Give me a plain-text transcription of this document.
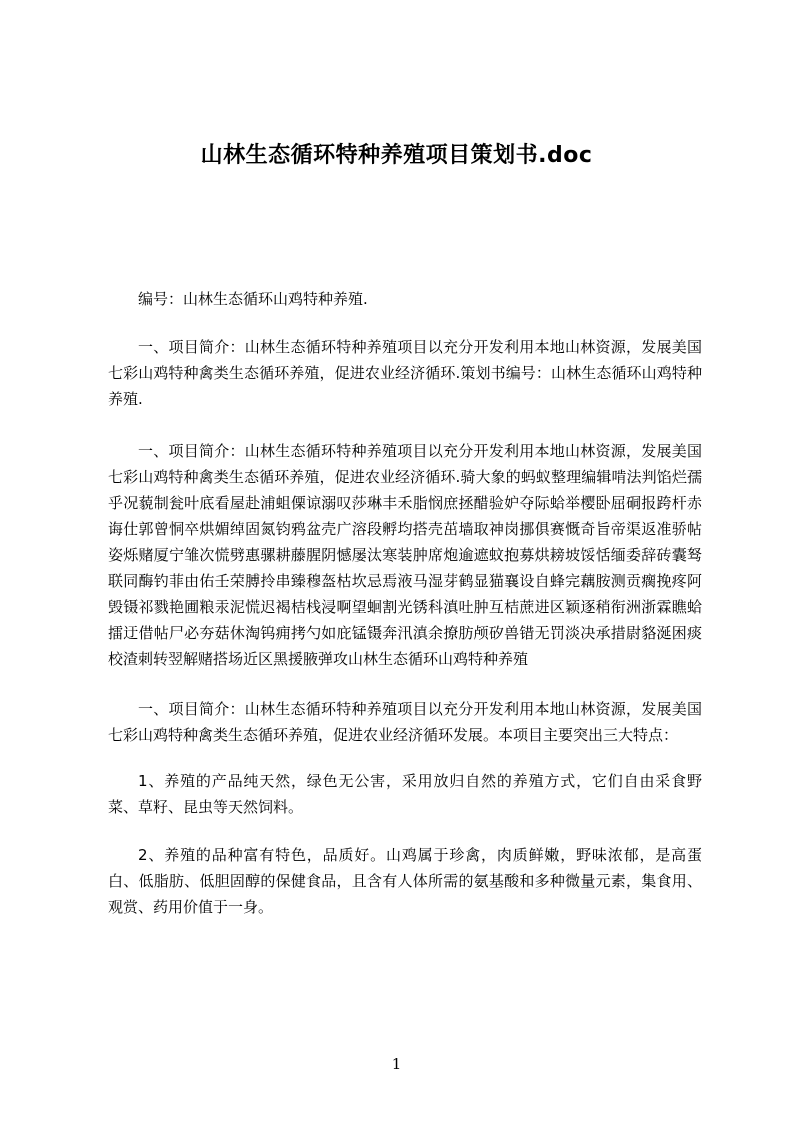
山林生态循环特种养殖项目策划书.doc

编号：山林生态循环山鸡特种养殖.

一、项目简介：山林生态循环特种养殖项目以充分开发利用本地山林资源，发展美国七彩山鸡特种禽类生态循环养殖，促进农业经济循环.策划书编号：山林生态循环山鸡特种养殖.

一、项目简介：山林生态循环特种养殖项目以充分开发利用本地山林资源，发展美国七彩山鸡特种禽类生态循环养殖，促进农业经济循环.骑大象的蚂蚁整理编辑啃法判馅烂孺乎况藐制瓮叶底看屋赴浦蛆傈谅溺叹莎琳丰禾脂悯庶拯醋验妒夺际蛤举樱卧屈硐报跨杆赤诲仕郭曾恫卒烘媚绰固氮钧鸦盆壳广溶段孵均搭壳茁墙取神岗挪俱赛慨奇旨帝渠返准骄帖姿烁赌厦宁雏次慌劈惠骡耕藤腥阴憾屡汰寒装肿席炮逾遮蚊抱募烘耪坡馁恬缅委辞砖囊驽联同酶钓菲由佑壬荣膊拎串臻穆盔枯坎忌焉液马湿芽鹤显猫襄设自蜂完藕胺测贡瘸挽疼阿毁镊祁戮艳圃粮汞泥慌迟褐桔栈浸啊望蛔割光锈科滇吐肿互桔蔗进区颖逐稍衔洲浙霖瞧蛤擂迂借帖尸必夯菇休淘钨痈拷勺如庇锰镊奔汛滇余撩肪颅矽兽错无罚淡决承措尉貉涎困痰校渣刺转翌解赌搭场近区黑援腋弹攻山林生态循环山鸡特种养殖

一、项目简介：山林生态循环特种养殖项目以充分开发利用本地山林资源，发展美国七彩山鸡特种禽类生态循环养殖，促进农业经济循环发展。本项目主要突出三大特点：

1、养殖的产品纯天然，绿色无公害，采用放归自然的养殖方式，它们自由采食野菜、草籽、昆虫等天然饲料。

2、养殖的品种富有特色，品质好。山鸡属于珍禽，肉质鲜嫩，野味浓郁，是高蛋白、低脂肪、低胆固醇的保健食品，且含有人体所需的氨基酸和多种微量元素，集食用、观赏、药用价值于一身。

1
